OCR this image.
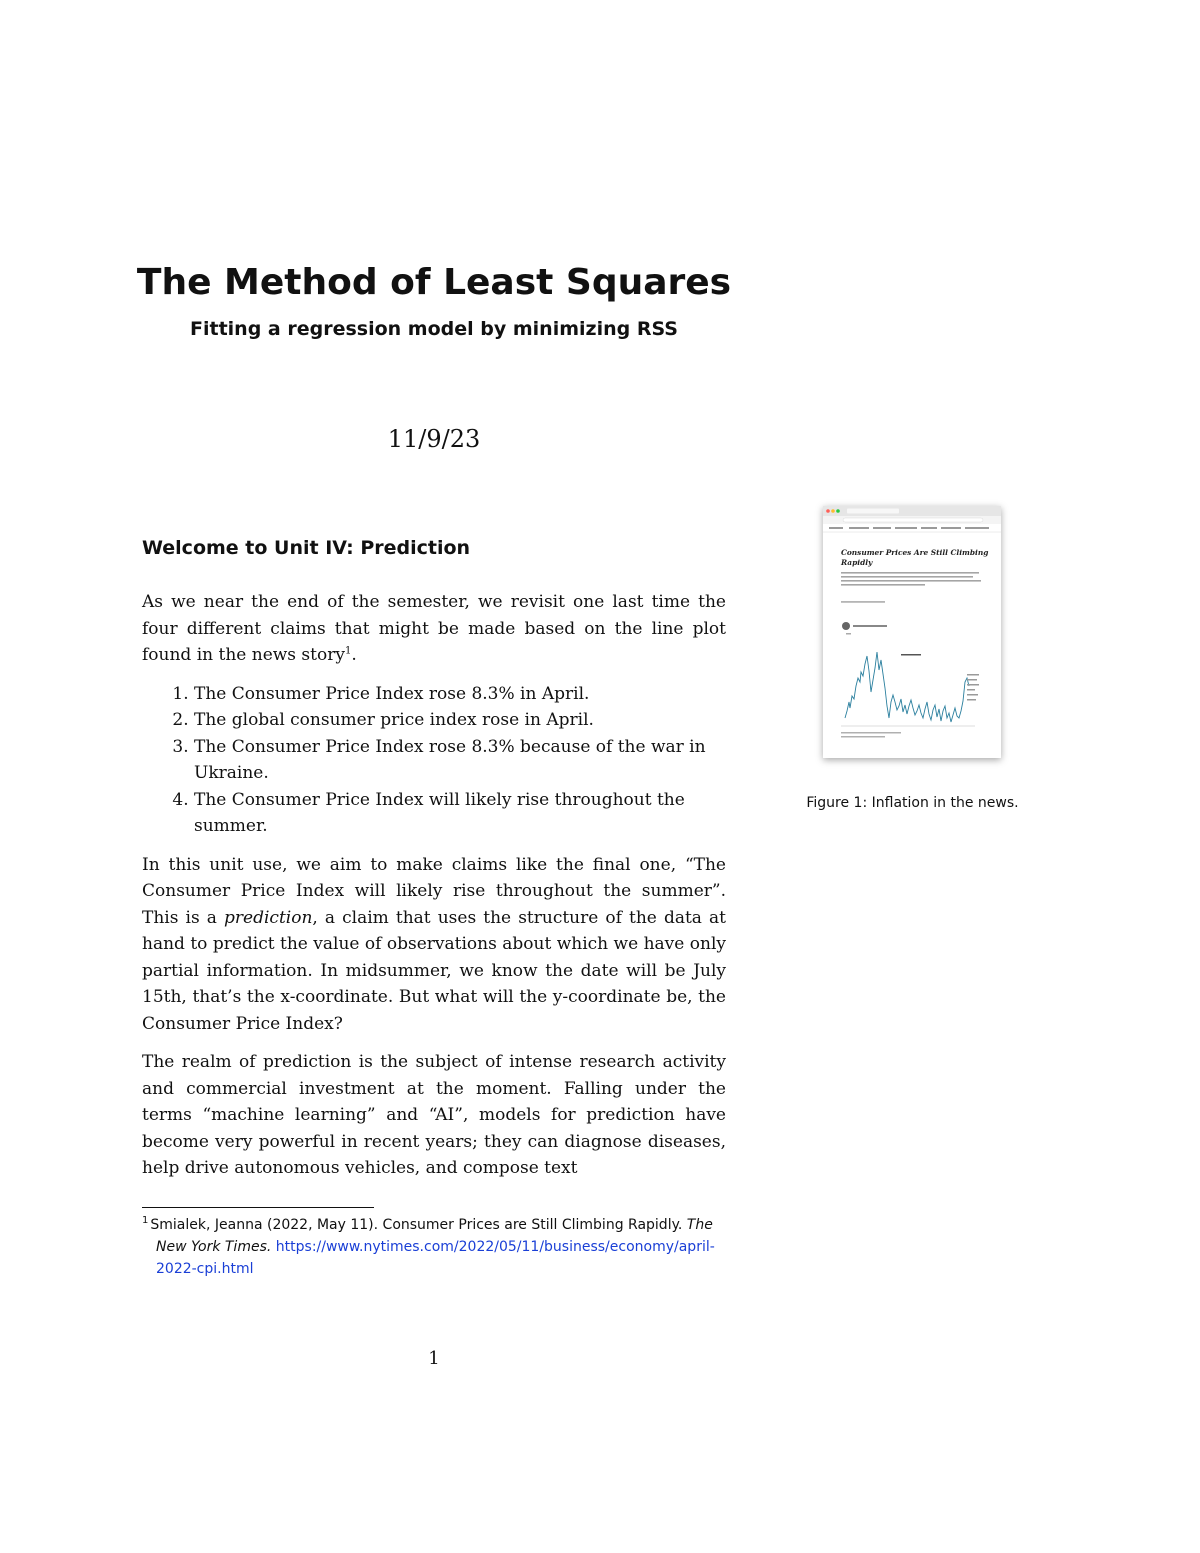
The Method of Least Squares
Fitting a regression model by minimizing RSS
11/9/23
Welcome to Unit IV: Prediction

As we near the end of the semester, we revisit one last time the four different claims that might be made based on the line plot found in the news story$^1$.

1. The Consumer Price Index rose 8.3% in April.
2. The global consumer price index rose in April.
3. The Consumer Price Index rose 8.3% because of the war in Ukraine.
4. The Consumer Price Index will likely rise throughout the summer.

In this unit use, we aim to make claims like the final one, “The Consumer Price Index will likely rise throughout the summer”. This is a prediction, a claim that uses the structure of the data at hand to predict the value of observations about which we have only partial information. In midsummer, we know the date will be July 15th, that’s the x-coordinate. But what will the y-coordinate be, the Consumer Price Index?

The realm of prediction is the subject of intense research activity and commercial investment at the moment. Falling under the terms “machine learning” and “AI”, models for prediction have become very powerful in recent years; they can diagnose diseases, help drive autonomous vehicles, and compose text

$^1$ Smialek, Jeanna (2022, May 11). Consumer Prices are Still Climbing Rapidly. The New York Times. https://www.nytimes.com/2022/05/11/business/economy/april-2022-cpi.html
Consumer Prices Are Still Climbing
Rapidly
Figure 1: Inflation in the news.
1
